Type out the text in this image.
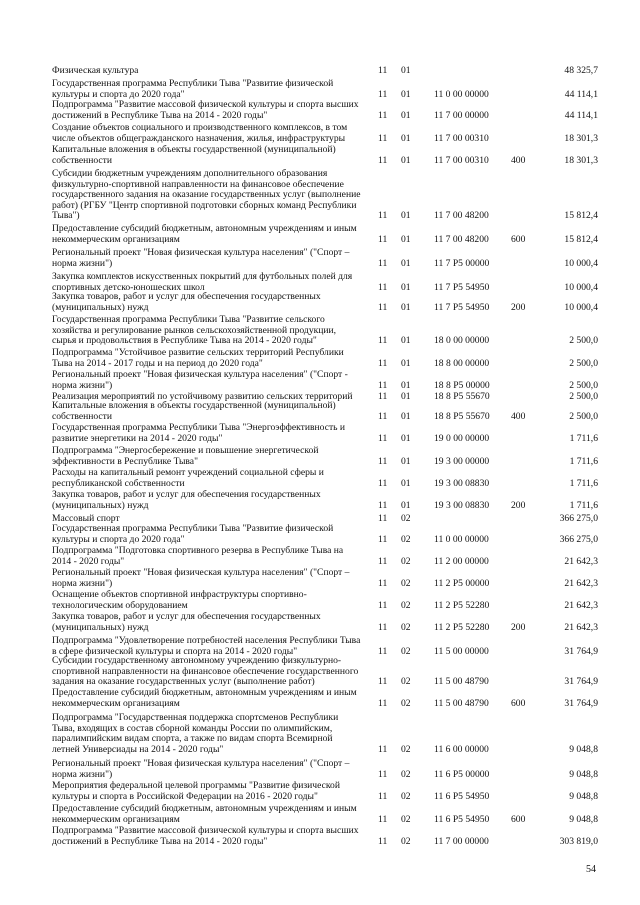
Физическая культура	11	01	48 325,7
Государственная программа Республики Тыва "Развитие физической
культуры и спорта до 2020 года"	11	01	11 0 00 00000	44 114,1
Подпрограмма "Развитие массовой физической культуры и спорта высших
достижений в Республике Тыва на 2014 - 2020 годы"	11	01	11 7 00 00000	44 114,1
Создание объектов социального и производственного комплексов, в том
числе объектов общегражданского назначения, жилья, инфраструктуры	11	01	11 7 00 00310	18 301,3
Капитальные вложения в объекты государственной (муниципальной)
собственности	11	01	11 7 00 00310	400	18 301,3
Субсидии бюджетным учреждениям дополнительного образования
физкультурно-спортивной направленности на финансовое обеспечение
государственного задания на оказание государственных услуг (выполнение
работ) (РГБУ "Центр спортивной подготовки сборных команд Республики
Тыва")	11	01	11 7 00 48200	15 812,4
Предоставление субсидий бюджетным, автономным учреждениям и иным
некоммерческим организациям	11	01	11 7 00 48200	600	15 812,4
Региональный проект "Новая физическая культура населения" ("Спорт –
норма жизни")	11	01	11 7 P5 00000	10 000,4
Закупка комплектов искусственных покрытий для футбольных полей для
спортивных детско-юношеских школ	11	01	11 7 P5 54950	10 000,4
Закупка товаров, работ и услуг для обеспечения государственных
(муниципальных) нужд	11	01	11 7 P5 54950	200	10 000,4
Государственная программа Республики Тыва "Развитие сельского
хозяйства и регулирование рынков сельскохозяйственной продукции,
сырья и продовольствия в Республике Тыва на 2014 - 2020 годы"	11	01	18 0 00 00000	2 500,0
Подпрограмма "Устойчивое развитие сельских территорий Республики
Тыва на 2014 - 2017 годы и на период до 2020 года"	11	01	18 8 00 00000	2 500,0
Региональный проект "Новая физическая культура населения" ("Спорт -
норма жизни")	11	01	18 8 P5 00000	2 500,0
Реализация мероприятий по устойчивому развитию сельских территорий	11	01	18 8 P5 55670	2 500,0
Капитальные вложения в объекты государственной (муниципальной)
собственности	11	01	18 8 P5 55670	400	2 500,0
Государственная программа Республики Тыва "Энергоэффективность и
развитие энергетики на 2014 - 2020 годы"	11	01	19 0 00 00000	1 711,6
Подпрограмма "Энергосбережение и повышение энергетической
эффективности в Республике Тыва"	11	01	19 3 00 00000	1 711,6
Расходы на капитальный ремонт учреждений социальной сферы и
республиканской собственности	11	01	19 3 00 08830	1 711,6
Закупка товаров, работ и услуг для обеспечения государственных
(муниципальных) нужд	11	01	19 3 00 08830	200	1 711,6
Массовый спорт	11	02	366 275,0
Государственная программа Республики Тыва "Развитие физической
культуры и спорта до 2020 года"	11	02	11 0 00 00000	366 275,0
Подпрограмма "Подготовка спортивного резерва в Республике Тыва на
2014 - 2020 годы"	11	02	11 2 00 00000	21 642,3
Региональный проект "Новая физическая культура населения" ("Спорт –
норма жизни")	11	02	11 2 P5 00000	21 642,3
Оснащение объектов спортивной инфраструктуры спортивно-
технологическим оборудованием	11	02	11 2 P5 52280	21 642,3
Закупка товаров, работ и услуг для обеспечения государственных
(муниципальных) нужд	11	02	11 2 P5 52280	200	21 642,3
Подпрограмма "Удовлетворение потребностей населения Республики Тыва
в сфере физической культуры и спорта на 2014 - 2020 годы"	11	02	11 5 00 00000	31 764,9
Субсидии государственному автономному учреждению физкультурно-
спортивной направленности на финансовое обеспечение государственного
задания на оказание государственных услуг (выполнение работ)	11	02	11 5 00 48790	31 764,9
Предоставление субсидий бюджетным, автономным учреждениям и иным
некоммерческим организациям	11	02	11 5 00 48790	600	31 764,9
Подпрограмма "Государственная поддержка спортсменов Республики
Тыва, входящих в состав сборной команды России по олимпийским,
паралимпийским видам спорта, а также по видам спорта Всемирной
летней Универсиады на 2014 - 2020 годы"	11	02	11 6 00 00000	9 048,8
Региональный проект "Новая физическая культура населения" ("Спорт –
норма жизни")	11	02	11 6 P5 00000	9 048,8
Мероприятия федеральной целевой программы "Развитие физической
культуры и спорта в Российской Федерации на 2016 - 2020 годы"	11	02	11 6 P5 54950	9 048,8
Предоставление субсидий бюджетным, автономным учреждениям и иным
некоммерческим организациям	11	02	11 6 P5 54950	600	9 048,8
Подпрограмма "Развитие массовой физической культуры и спорта высших
достижений в Республике Тыва на 2014 - 2020 годы"	11	02	11 7 00 00000	303 819,0
54
